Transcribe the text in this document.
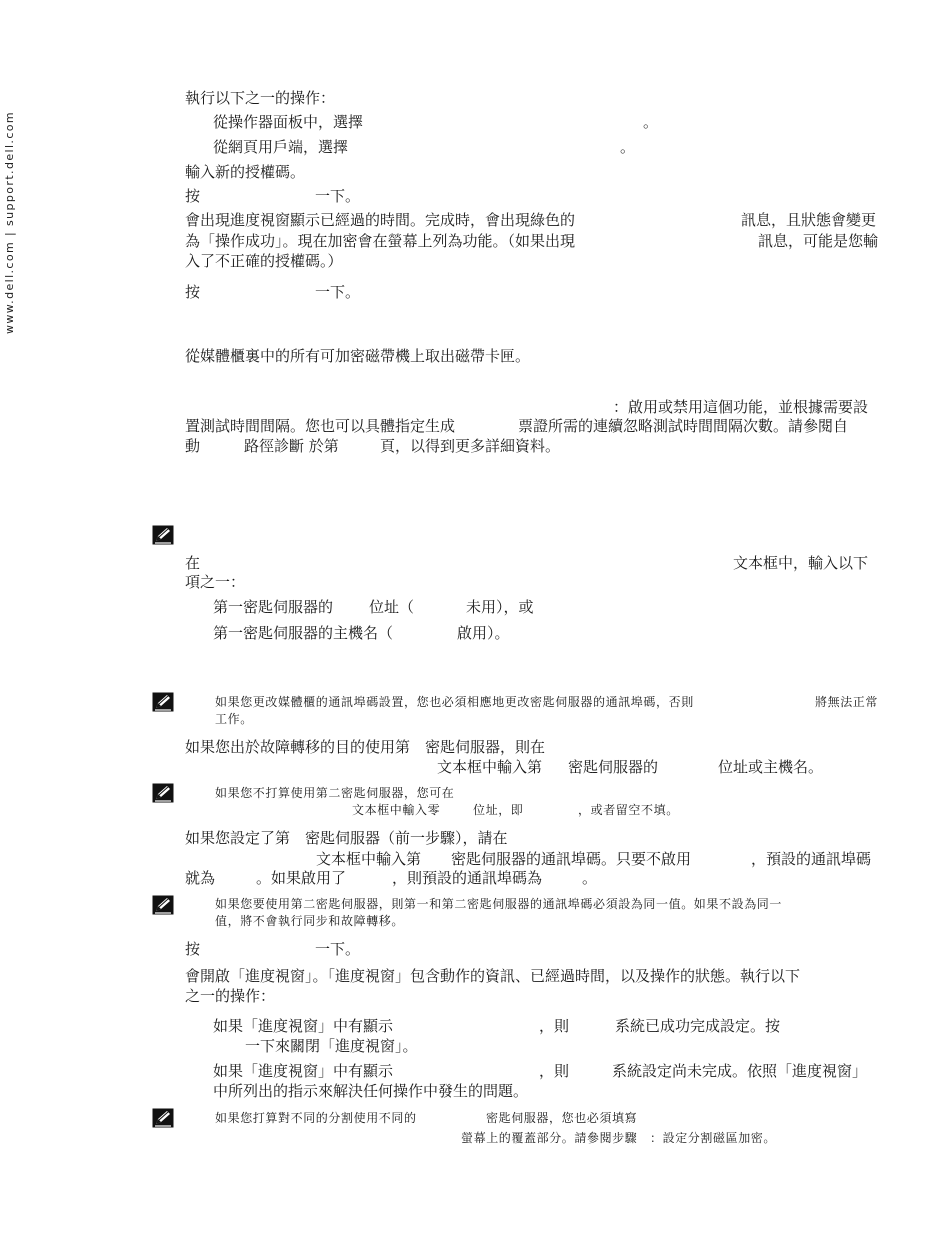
www.dell.com | support.dell.com
執行以下之一的操作：
從操作器面板中，選擇	。
從網頁用戶端，選擇	。
輸入新的授權碼。
按	一下。
會出現進度視窗顯示已經過的時間。完成時，會出現綠色的	訊息，且狀態會變更
為「操作成功」。現在加密會在螢幕上列為功能。（如果出現	訊息，可能是您輸
入了不正確的授權碼。）
按	一下。
從媒體櫃裏中的所有可加密磁帶機上取出磁帶卡匣。
：啟用或禁用這個功能，並根據需要設
置測試時間間隔。您也可以具體指定生成	票證所需的連續忽略測試時間間隔次數。請參閱自
動	路徑診斷 於第	頁，以得到更多詳細資料。
在	文本框中，輸入以下
項之一：
第一密匙伺服器的 位址（	未用），或
第一密匙伺服器的主機名（	啟用）。
如果您更改媒體櫃的通訊埠碼設置，您也必須相應地更改密匙伺服器的通訊埠碼，否則	將無法正常
工作。
如果您出於故障轉移的目的使用第　密匙伺服器，則在
文本框中輸入第 密匙伺服器的	位址或主機名。
如果您不打算使用第二密匙伺服器，您可在
文本框中輸入零	位址，即	，或者留空不填。
如果您設定了第　密匙伺服器（前一步驟），請在
文本框中輸入第 密匙伺服器的通訊埠碼。只要不啟用	，預設的通訊埠碼
就為	。如果啟用了	，則預設的通訊埠碼為	。
如果您要使用第二密匙伺服器，則第一和第二密匙伺服器的通訊埠碼必須設為同一值。如果不設為同一
值，將不會執行同步和故障轉移。
按	一下。
會開啟「進度視窗」。「進度視窗」包含動作的資訊、已經過時間，以及操作的狀態。執行以下
之一的操作：
如果「進度視窗」中有顯示	，則	系統已成功完成設定。按
一下來關閉「進度視窗」。
如果「進度視窗」中有顯示	，則	系統設定尚未完成。依照「進度視窗」
中所列出的指示來解決任何操作中發生的問題。
如果您打算對不同的分割使用不同的	密匙伺服器，您也必須填寫
螢幕上的覆蓋部分。請參閱步驟　：設定分割磁區加密。
